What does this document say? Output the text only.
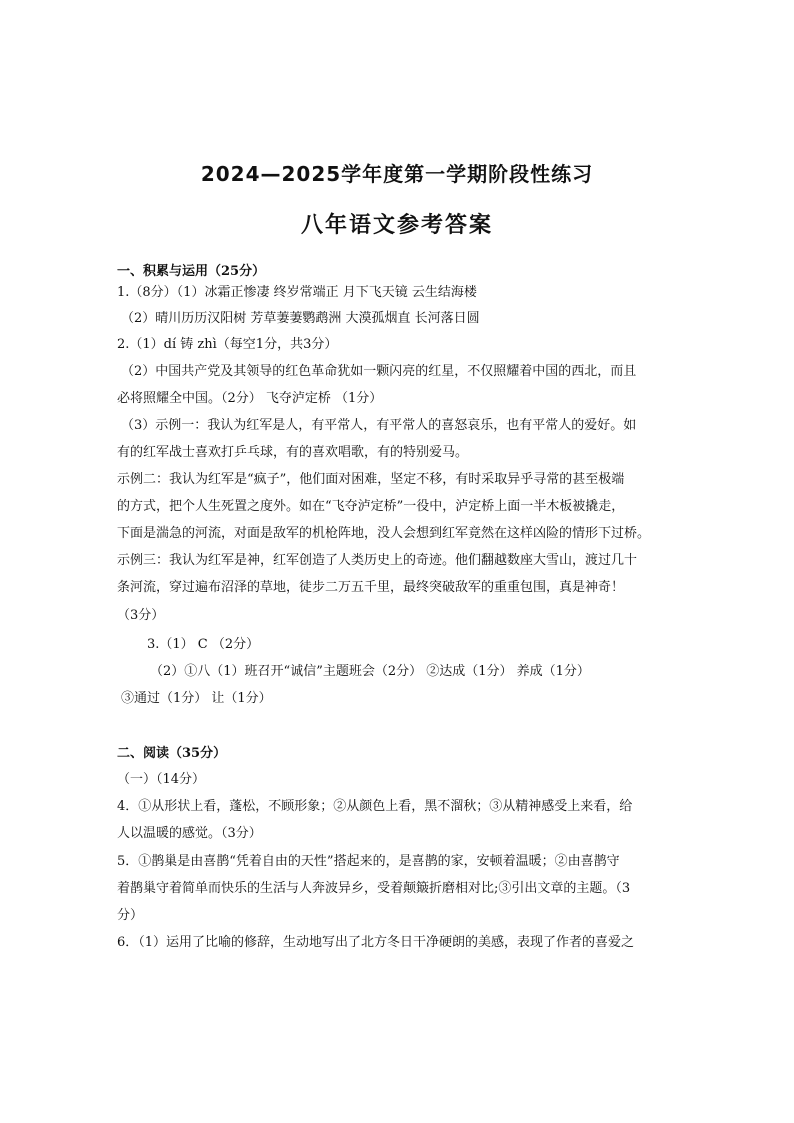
2024—2025学年度第一学期阶段性练习
八年语文参考答案

一、积累与运用（25分）

1.（8分）（1）冰霜正惨凄 终岁常端正 月下飞天镜 云生结海楼

（2）晴川历历汉阳树 芳草萋萋鹦鹉洲 大漠孤烟直 长河落日圆

2.（1）dí 铸 zhì（每空1分，共3分）

（2）中国共产党及其领导的红色革命犹如一颗闪亮的红星，不仅照耀着中国的西北，而且

必将照耀全中国。（2分） 飞夺泸定桥 （1分）

（3）示例一：我认为红军是人，有平常人，有平常人的喜怒哀乐，也有平常人的爱好。如

有的红军战士喜欢打乒乓球，有的喜欢唱歌，有的特别爱马。

示例二：我认为红军是“疯子”，他们面对困难，坚定不移，有时采取异乎寻常的甚至极端

的方式，把个人生死置之度外。如在“飞夺泸定桥”一役中，泸定桥上面一半木板被撬走，

下面是湍急的河流，对面是敌军的机枪阵地，没人会想到红军竟然在这样凶险的情形下过桥。

示例三：我认为红军是神，红军创造了人类历史上的奇迹。他们翻越数座大雪山，渡过几十

条河流，穿过遍布沼泽的草地，徒步二万五千里，最终突破敌军的重重包围，真是神奇！

（3分）

3.（1） C （2分）

（2）①八（1）班召开“诚信”主题班会（2分） ②达成（1分） 养成（1分）

③通过（1分） 让（1分）

二、阅读（35分）

（一）（14分）

4．①从形状上看，蓬松，不顾形象；②从颜色上看，黑不溜秋；③从精神感受上来看，给

人以温暖的感觉。（3分）

5．①鹊巢是由喜鹊“凭着自由的天性”搭起来的，是喜鹊的家，安顿着温暖；②由喜鹊守

着鹊巢守着简单而快乐的生活与人奔波异乡，受着颠簸折磨相对比;③引出文章的主题。（3

分）

6．（1）运用了比喻的修辞，生动地写出了北方冬日干净硬朗的美感，表现了作者的喜爱之
